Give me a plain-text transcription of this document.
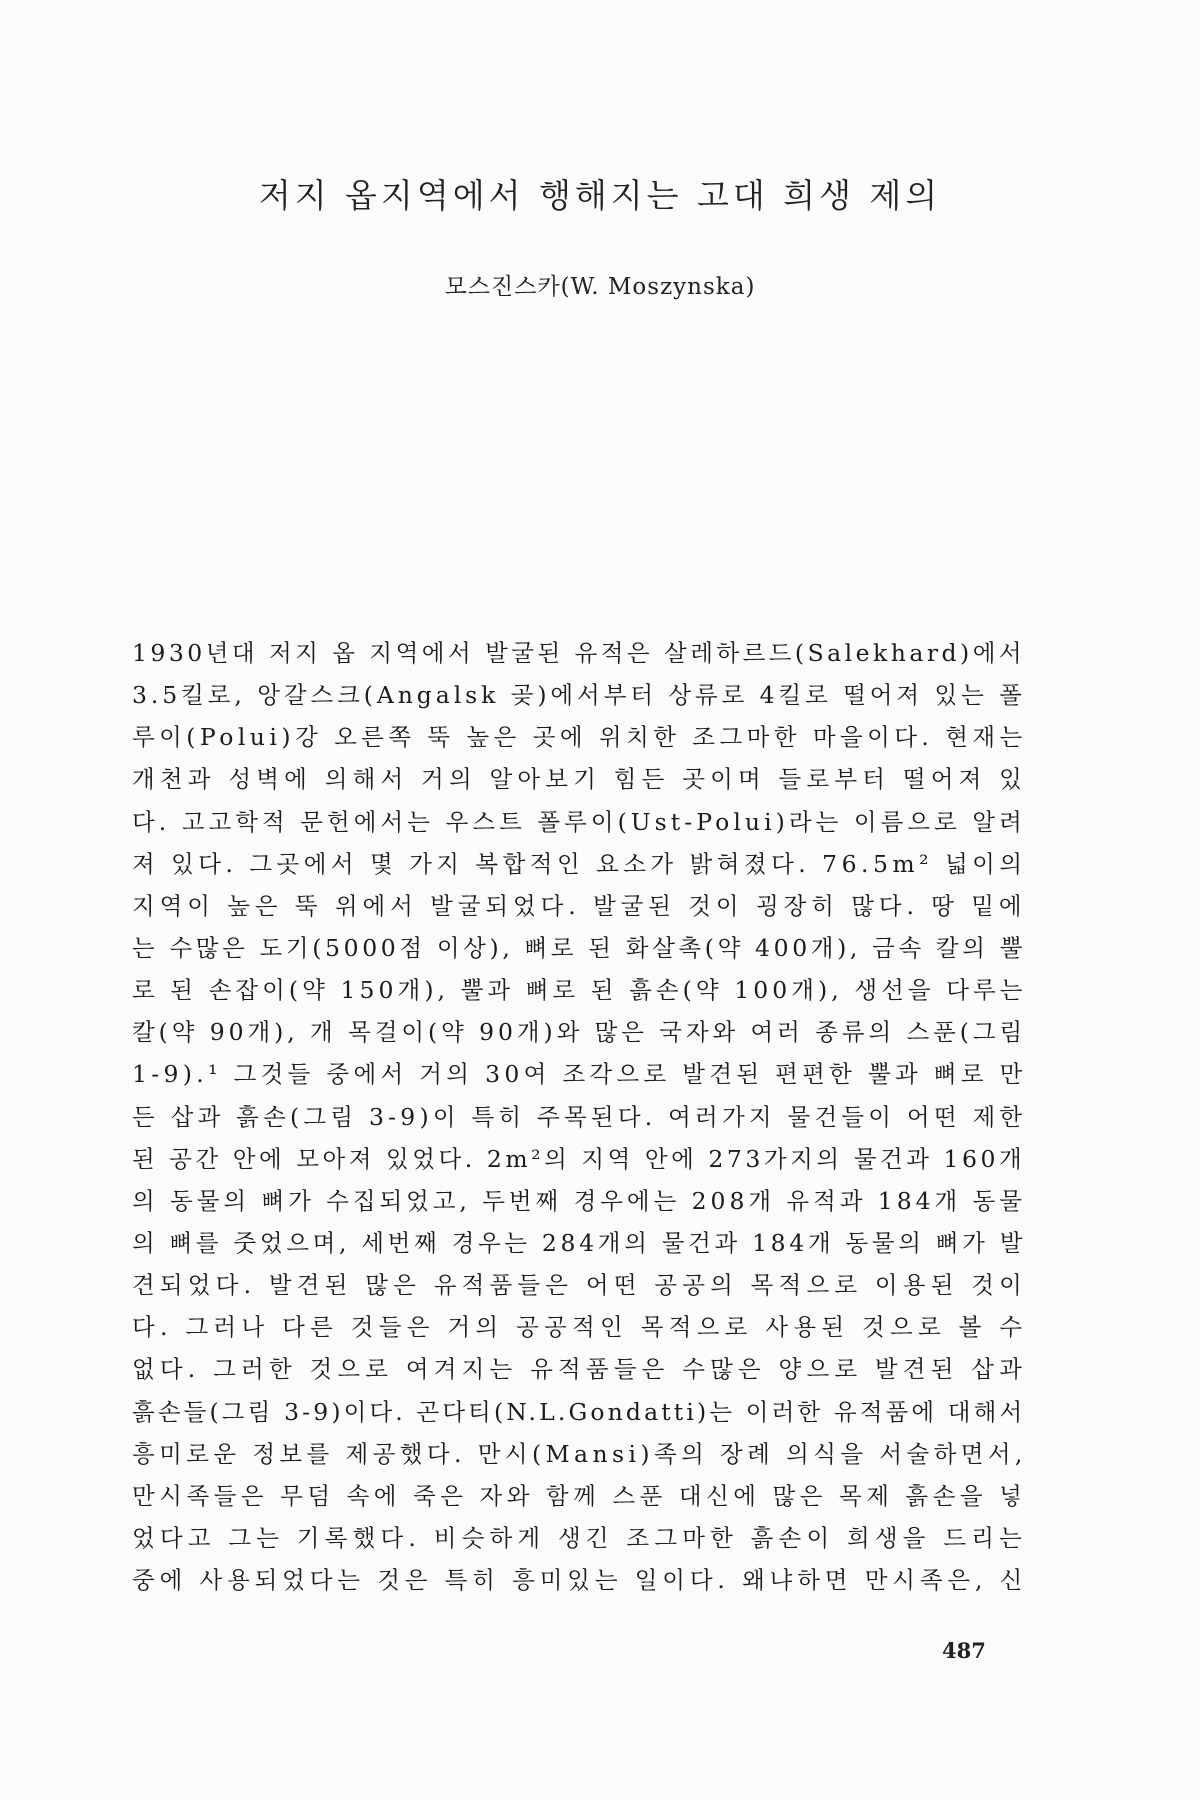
저지 옵지역에서 행해지는 고대 희생 제의
모스진스카(W. Moszynska)
1930년대 저지 옵 지역에서 발굴된 유적은 살레하르드(Salekhard)에서
3.5킬로, 앙갈스크(Angalsk 곶)에서부터 상류로 4킬로 떨어져 있는 폴
루이(Polui)강 오른쪽 뚝 높은 곳에 위치한 조그마한 마을이다. 현재는
개천과 성벽에 의해서 거의 알아보기 힘든 곳이며 들로부터 떨어져 있
다. 고고학적 문헌에서는 우스트 폴루이(Ust-Polui)라는 이름으로 알려
져 있다. 그곳에서 몇 가지 복합적인 요소가 밝혀졌다. 76.5m² 넓이의
지역이 높은 뚝 위에서 발굴되었다. 발굴된 것이 굉장히 많다. 땅 밑에
는 수많은 도기(5000점 이상), 뼈로 된 화살촉(약 400개), 금속 칼의 뿔
로 된 손잡이(약 150개), 뿔과 뼈로 된 흙손(약 100개), 생선을 다루는
칼(약 90개), 개 목걸이(약 90개)와 많은 국자와 여러 종류의 스푼(그림
1-9).¹ 그것들 중에서 거의 30여 조각으로 발견된 편편한 뿔과 뼈로 만
든 삽과 흙손(그림 3-9)이 특히 주목된다. 여러가지 물건들이 어떤 제한
된 공간 안에 모아져 있었다. 2m²의 지역 안에 273가지의 물건과 160개
의 동물의 뼈가 수집되었고, 두번째 경우에는 208개 유적과 184개 동물
의 뼈를 줏었으며, 세번째 경우는 284개의 물건과 184개 동물의 뼈가 발
견되었다. 발견된 많은 유적품들은 어떤 공공의 목적으로 이용된 것이
다. 그러나 다른 것들은 거의 공공적인 목적으로 사용된 것으로 볼 수
없다. 그러한 것으로 여겨지는 유적품들은 수많은 양으로 발견된 삽과
흙손들(그림 3-9)이다. 곤다티(N.L.Gondatti)는 이러한 유적품에 대해서
흥미로운 정보를 제공했다. 만시(Mansi)족의 장례 의식을 서술하면서,
만시족들은 무덤 속에 죽은 자와 함께 스푼 대신에 많은 목제 흙손을 넣
었다고 그는 기록했다. 비슷하게 생긴 조그마한 흙손이 희생을 드리는
중에 사용되었다는 것은 특히 흥미있는 일이다. 왜냐하면 만시족은, 신
487
